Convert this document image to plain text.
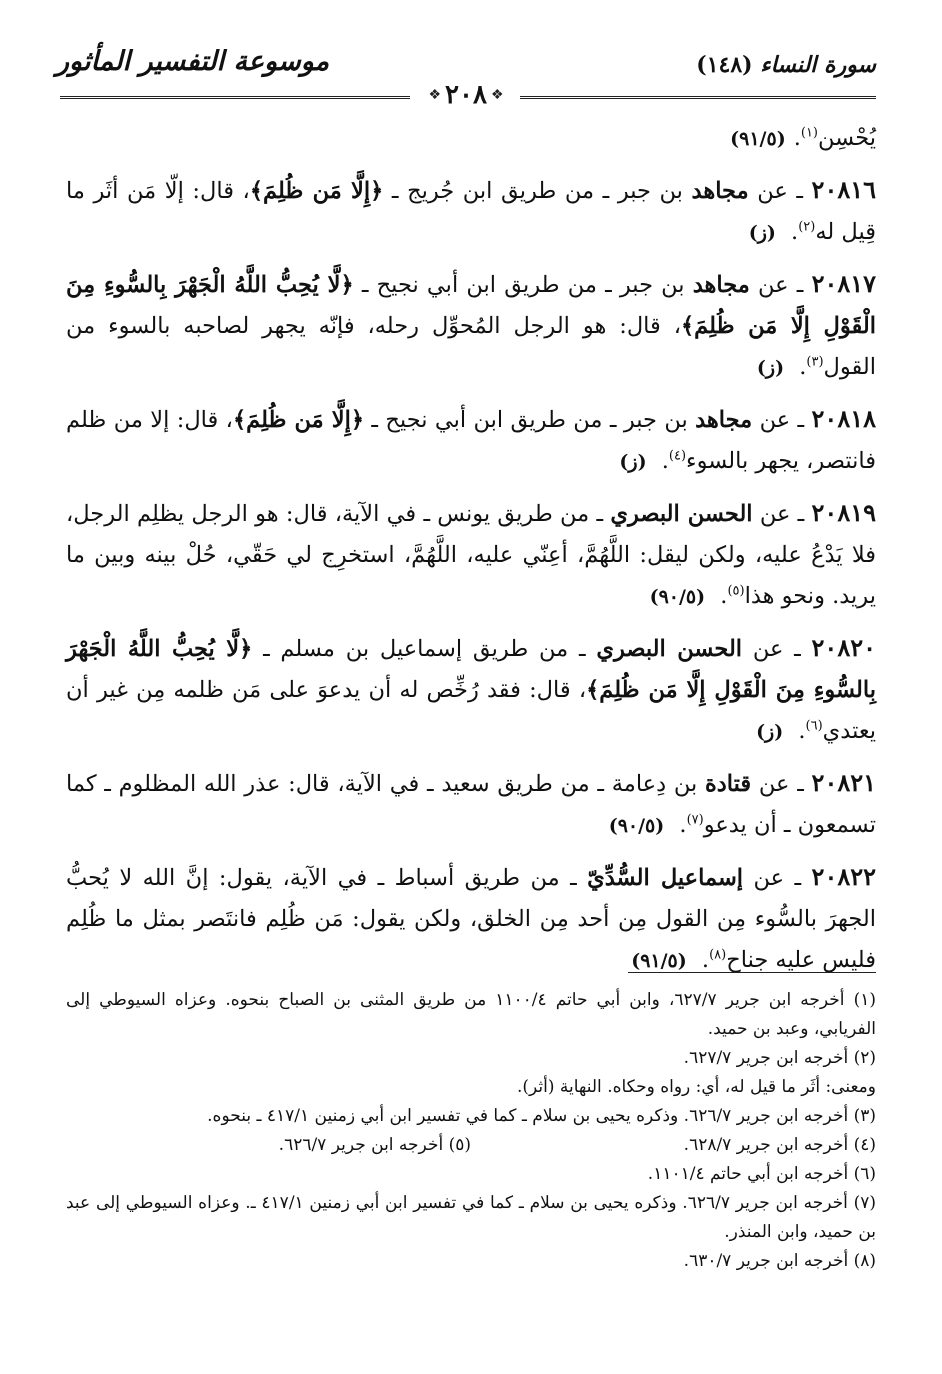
موسوعة التفسير المأثور	سورة النساء (١٤٨)
❖ ٢٠٨ ❖

يُحْسِن$^{(١)}$.(٩١/٥)

٢٠٨١٦ ـ عن مجاهد بن جبر ـ من طريق ابن جُريج ـ ﴿إِلَّا مَن ظُلِمَ﴾، قال: إلّا مَن أثَر ما قِيل له$^{(٢)}$. (ز)

٢٠٨١٧ ـ عن مجاهد بن جبر ـ من طريق ابن أبي نجيح ـ ﴿لَّا يُحِبُّ اللَّهُ الْجَهْرَ بِالسُّوءِ مِنَ الْقَوْلِ إِلَّا مَن ظُلِمَ﴾، قال: هو الرجل المُحوِّل رحله، فإنّه يجهر لصاحبه بالسوء من القول$^{(٣)}$. (ز)

٢٠٨١٨ ـ عن مجاهد بن جبر ـ من طريق ابن أبي نجيح ـ ﴿إِلَّا مَن ظُلِمَ﴾، قال: إلا من ظلم فانتصر، يجهر بالسوء$^{(٤)}$. (ز)

٢٠٨١٩ ـ عن الحسن البصري ـ من طريق يونس ـ في الآية، قال: هو الرجل يظلِم الرجل، فلا يَدْعُ عليه، ولكن ليقل: اللَّهُمَّ، أعِنّي عليه، اللَّهُمَّ، استخرِج لي حَقّي، حُلْ بينه وبين ما يريد. ونحو هذا$^{(٥)}$. (٩٠/٥)

٢٠٨٢٠ ـ عن الحسن البصري ـ من طريق إسماعيل بن مسلم ـ ﴿لَّا يُحِبُّ اللَّهُ الْجَهْرَ بِالسُّوءِ مِنَ الْقَوْلِ إِلَّا مَن ظُلِمَ﴾، قال: فقد رُخِّص له أن يدعوَ على مَن ظلمه مِن غير أن يعتدي$^{(٦)}$. (ز)

٢٠٨٢١ ـ عن قتادة بن دِعامة ـ من طريق سعيد ـ في الآية، قال: عذر الله المظلوم ـ كما تسمعون ـ أن يدعو$^{(٧)}$. (٩٠/٥)

٢٠٨٢٢ ـ عن إسماعيل السُّدِّيّ ـ من طريق أسباط ـ في الآية، يقول: إنَّ الله لا يُحبُّ الجهرَ بالسُّوء مِن القول مِن أحد مِن الخلق، ولكن يقول: مَن ظُلِم فانتَصر بمثل ما ظُلِم فليس عليه جناح$^{(٨)}$. (٩١/٥)

(١) أخرجه ابن جرير ٦٢٧/٧، وابن أبي حاتم ١١٠٠/٤ من طريق المثنى بن الصباح بنحوه. وعزاه السيوطي إلى الفريابي، وعبد بن حميد.

(٢) أخرجه ابن جرير ٦٢٧/٧.

ومعنى: أثَر ما قيل له، أي: رواه وحكاه. النهاية (أثر).

(٣) أخرجه ابن جرير ٦٢٦/٧. وذكره يحيى بن سلام ـ كما في تفسير ابن أبي زمنين ٤١٧/١ ـ بنحوه.

(٤) أخرجه ابن جرير ٦٢٨/٧.
(٥) أخرجه ابن جرير ٦٢٦/٧.

(٦) أخرجه ابن أبي حاتم ١١٠١/٤.

(٧) أخرجه ابن جرير ٦٢٦/٧. وذكره يحيى بن سلام ـ كما في تفسير ابن أبي زمنين ٤١٧/١ ـ. وعزاه السيوطي إلى عبد بن حميد، وابن المنذر.

(٨) أخرجه ابن جرير ٦٣٠/٧.
